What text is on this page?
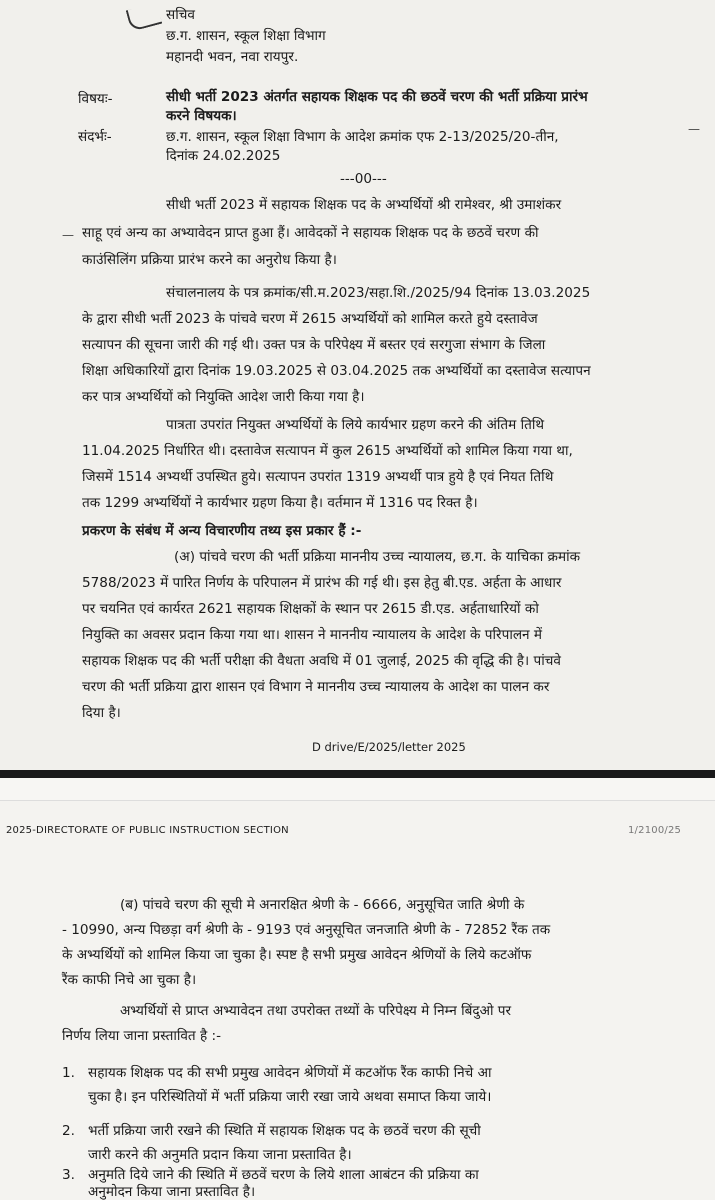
सचिव
छ.ग. शासन, स्कूल शिक्षा विभाग
महानदी भवन, नवा रायपुर.
विषयः-	सीधी भर्ती 2023 अंतर्गत सहायक शिक्षक पद की छठवें चरण की भर्ती प्रक्रिया प्रारंभ
करने विषयक।
संदर्भः-	छ.ग. शासन, स्कूल शिक्षा विभाग के आदेश क्रमांक एफ 2-13/2025/20-तीन,
दिनांक 24.02.2025
—
---00---
सीधी भर्ती 2023 में सहायक शिक्षक पद के अभ्यर्थियों श्री रामेश्वर, श्री उमाशंकर
साहू एवं अन्य का अभ्यावेदन प्राप्त हुआ हैं। आवेदकों ने सहायक शिक्षक पद के छठवें चरण की
काउंसिलिंग प्रक्रिया प्रारंभ करने का अनुरोध किया है।
—
संचालनालय के पत्र क्रमांक/सी.म.2023/सहा.शि./2025/94 दिनांक 13.03.2025
के द्वारा सीधी भर्ती 2023 के पांचवे चरण में 2615 अभ्यर्थियों को शामिल करते हुये दस्तावेज
सत्यापन की सूचना जारी की गई थी। उक्त पत्र के परिपेक्ष्य में बस्तर एवं सरगुजा संभाग के जिला
शिक्षा अधिकारियों द्वारा दिनांक 19.03.2025 से 03.04.2025 तक अभ्यर्थियों का दस्तावेज सत्यापन
कर पात्र अभ्यर्थियों को नियुक्ति आदेश जारी किया गया है।
पात्रता उपरांत नियुक्त अभ्यर्थियों के लिये कार्यभार ग्रहण करने की अंतिम तिथि
11.04.2025 निर्धारित थी। दस्तावेज सत्यापन में कुल 2615 अभ्यर्थियों को शामिल किया गया था,
जिसमें 1514 अभ्यर्थी उपस्थित हुये। सत्यापन उपरांत 1319 अभ्यर्थी पात्र हुये है एवं नियत तिथि
तक 1299 अभ्यर्थियों ने कार्यभार ग्रहण किया है। वर्तमान में 1316 पद रिक्त है।
प्रकरण के संबंध में अन्य विचारणीय तथ्य इस प्रकार हैं :-
(अ) पांचवे चरण की भर्ती प्रक्रिया माननीय उच्च न्यायालय, छ.ग. के याचिका क्रमांक
5788/2023 में पारित निर्णय के परिपालन में प्रारंभ की गई थी। इस हेतु बी.एड. अर्हता के आधार
पर चयनित एवं कार्यरत 2621 सहायक शिक्षकों के स्थान पर 2615 डी.एड. अर्हताधारियों को
नियुक्ति का अवसर प्रदान किया गया था। शासन ने माननीय न्यायालय के आदेश के परिपालन में
सहायक शिक्षक पद की भर्ती परीक्षा की वैधता अवधि में 01 जुलाई, 2025 की वृद्धि की है। पांचवे
चरण की भर्ती प्रक्रिया द्वारा शासन एवं विभाग ने माननीय उच्च न्यायालय के आदेश का पालन कर
दिया है।
D drive/E/2025/letter 2025
2025-DIRECTORATE OF PUBLIC INSTRUCTION SECTION	1/2100/25
(ब) पांचवे चरण की सूची मे अनारक्षित श्रेणी के - 6666, अनुसूचित जाति श्रेणी के
- 10990, अन्य पिछड़ा वर्ग श्रेणी के - 9193 एवं अनुसूचित जनजाति श्रेणी के - 72852 रैंक तक
के अभ्यर्थियों को शामिल किया जा चुका है। स्पष्ट है सभी प्रमुख आवेदन श्रेणियों के लिये कटऑफ
रैंक काफी निचे आ चुका है।
अभ्यर्थियों से प्राप्त अभ्यावेदन तथा उपरोक्त तथ्यों के परिपेक्ष्य मे निम्न बिंदुओ पर
निर्णय लिया जाना प्रस्तावित है :-
1. सहायक शिक्षक पद की सभी प्रमुख आवेदन श्रेणियों में कटऑफ रैंक काफी निचे आ
चुका है। इन परिस्थितियों में भर्ती प्रक्रिया जारी रखा जाये अथवा समाप्त किया जाये।
2. भर्ती प्रक्रिया जारी रखने की स्थिति में सहायक शिक्षक पद के छठवें चरण की सूची
जारी करने की अनुमति प्रदान किया जाना प्रस्तावित है।
3. अनुमति दिये जाने की स्थिति में छठवें चरण के लिये शाला आबंटन की प्रक्रिया का
अनुमोदन किया जाना प्रस्तावित है।
